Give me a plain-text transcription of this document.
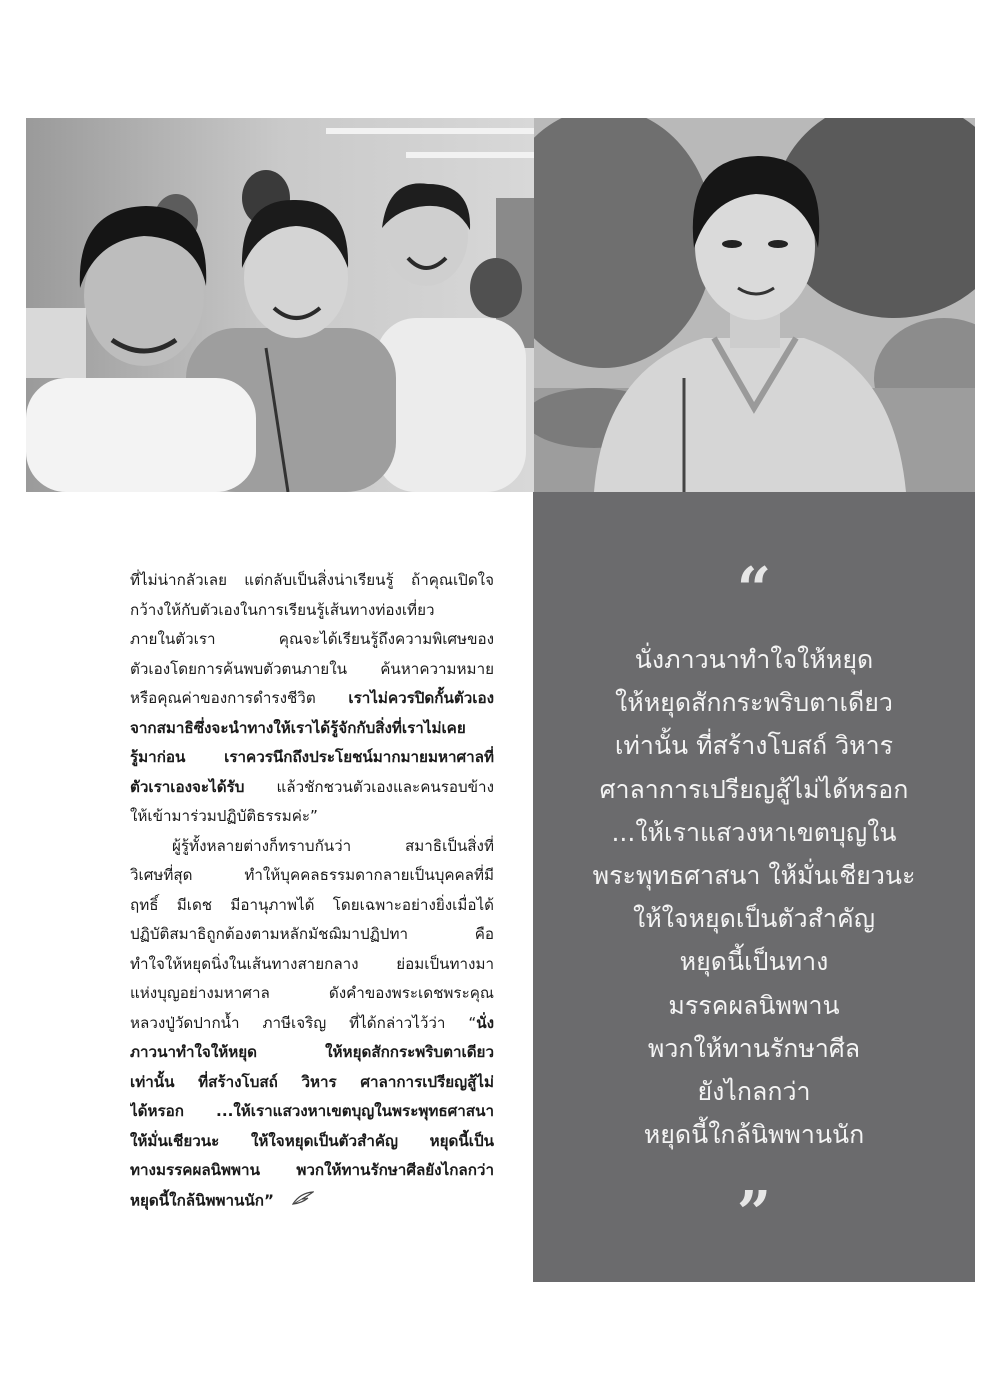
ที่ไม่น่ากลัวเลย แต่กลับเป็นสิ่งน่าเรียนรู้ ถ้าคุณเปิดใจ
กว้างให้กับตัวเองในการเรียนรู้เส้นทางท่องเที่ยว
ภายในตัวเรา คุณจะได้เรียนรู้ถึงความพิเศษของ
ตัวเองโดยการค้นพบตัวตนภายใน ค้นหาความหมาย
หรือคุณค่าของการดำรงชีวิต เราไม่ควรปิดกั้นตัวเอง
จากสมาธิซึ่งจะนำทางให้เราได้รู้จักกับสิ่งที่เราไม่เคย
รู้มาก่อน เราควรนึกถึงประโยชน์มากมายมหาศาลที่
ตัวเราเองจะได้รับ แล้วชักชวนตัวเองและคนรอบข้าง
ให้เข้ามาร่วมปฏิบัติธรรมค่ะ”
ผู้รู้ทั้งหลายต่างก็ทราบกันว่า สมาธิเป็นสิ่งที่
วิเศษที่สุด ทำให้บุคคลธรรมดากลายเป็นบุคคลที่มี
ฤทธิ์ มีเดช มีอานุภาพได้ โดยเฉพาะอย่างยิ่งเมื่อได้
ปฏิบัติสมาธิถูกต้องตามหลักมัชฌิมาปฏิปทา คือ
ทำใจให้หยุดนิ่งในเส้นทางสายกลาง ย่อมเป็นทางมา
แห่งบุญอย่างมหาศาล ดังคำของพระเดชพระคุณ
หลวงปู่วัดปากน้ำ ภาษีเจริญ ที่ได้กล่าวไว้ว่า “นั่ง
ภาวนาทำใจให้หยุด ให้หยุดสักกระพริบตาเดียว
เท่านั้น ที่สร้างโบสถ์ วิหาร ศาลาการเปรียญสู้ไม่
ได้หรอก ...ให้เราแสวงหาเขตบุญในพระพุทธศาสนา
ให้มั่นเชียวนะ ให้ใจหยุดเป็นตัวสำคัญ หยุดนี้เป็น
ทางมรรคผลนิพพาน พวกให้ทานรักษาศีลยังไกลกว่า
หยุดนี้ใกล้นิพพานนัก”
“
นั่งภาวนาทำใจให้หยุด
ให้หยุดสักกระพริบตาเดียว
เท่านั้น ที่สร้างโบสถ์ วิหาร
ศาลาการเปรียญสู้ไม่ได้หรอก
...ให้เราแสวงหาเขตบุญใน
พระพุทธศาสนา ให้มั่นเชียวนะ
ให้ใจหยุดเป็นตัวสำคัญ
หยุดนี้เป็นทาง
มรรคผลนิพพาน
พวกให้ทานรักษาศีล
ยังไกลกว่า
หยุดนี้ใกล้นิพพานนัก
”
